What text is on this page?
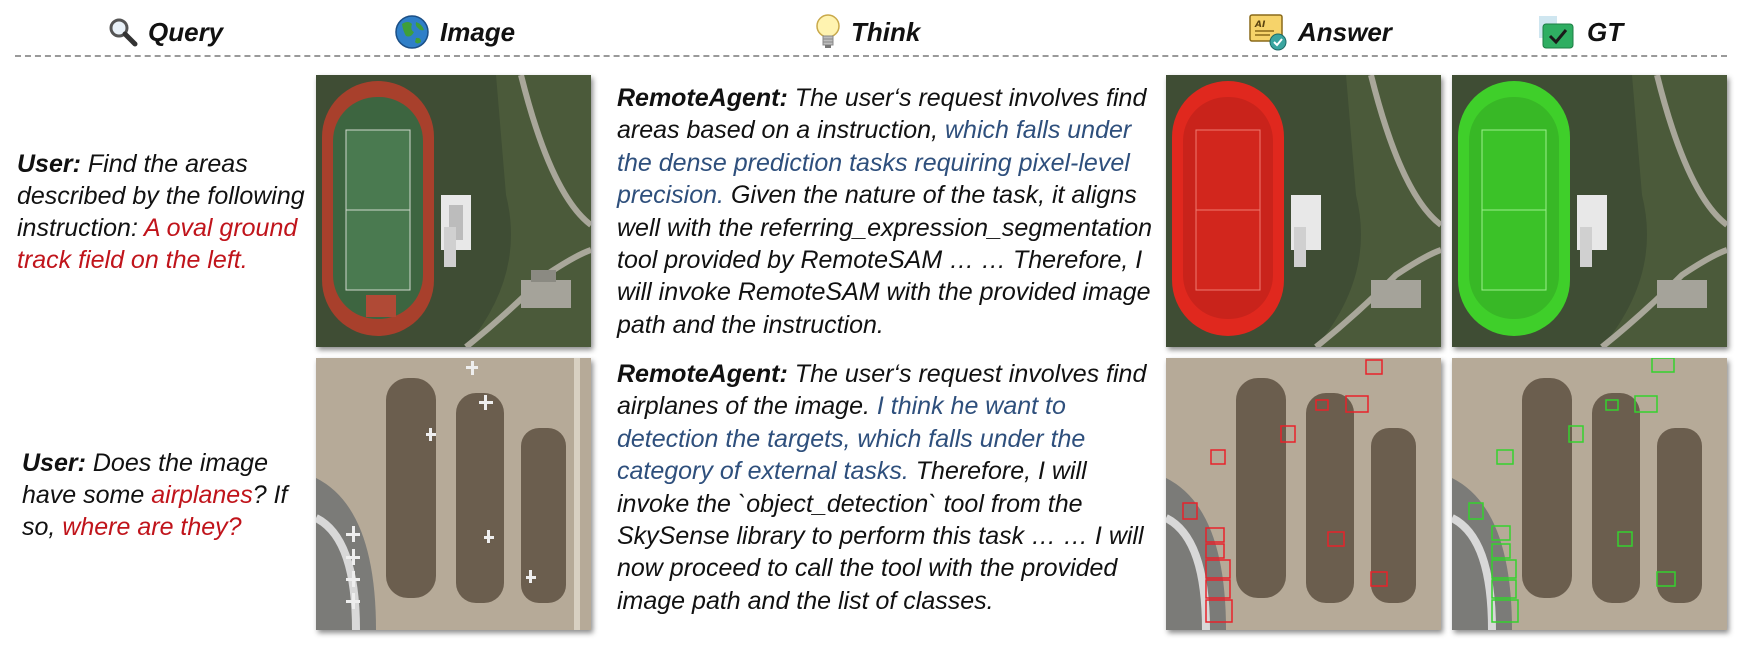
Query	Image	Think	AI Answer	GT
User: Find the areas described by the following instruction: A oval ground track field on the left.
RemoteAgent: The user‘s request involves find areas based on a instruction, which falls under the dense prediction tasks requiring pixel-level precision. Given the nature of the task, it aligns well with the referring_expression_segmentation tool provided by RemoteSAM … … Therefore, I will invoke RemoteSAM with the provided image path and the instruction.
User: Does the image have some airplanes? If so, where are they?
RemoteAgent: The user‘s request involves find airplanes of the image. I think he want to detection the targets, which falls under the category of external tasks. Therefore, I will invoke the `object_detection` tool from the SkySense library to perform this task … … I will now proceed to call the tool with the provided image path and the list of classes.
